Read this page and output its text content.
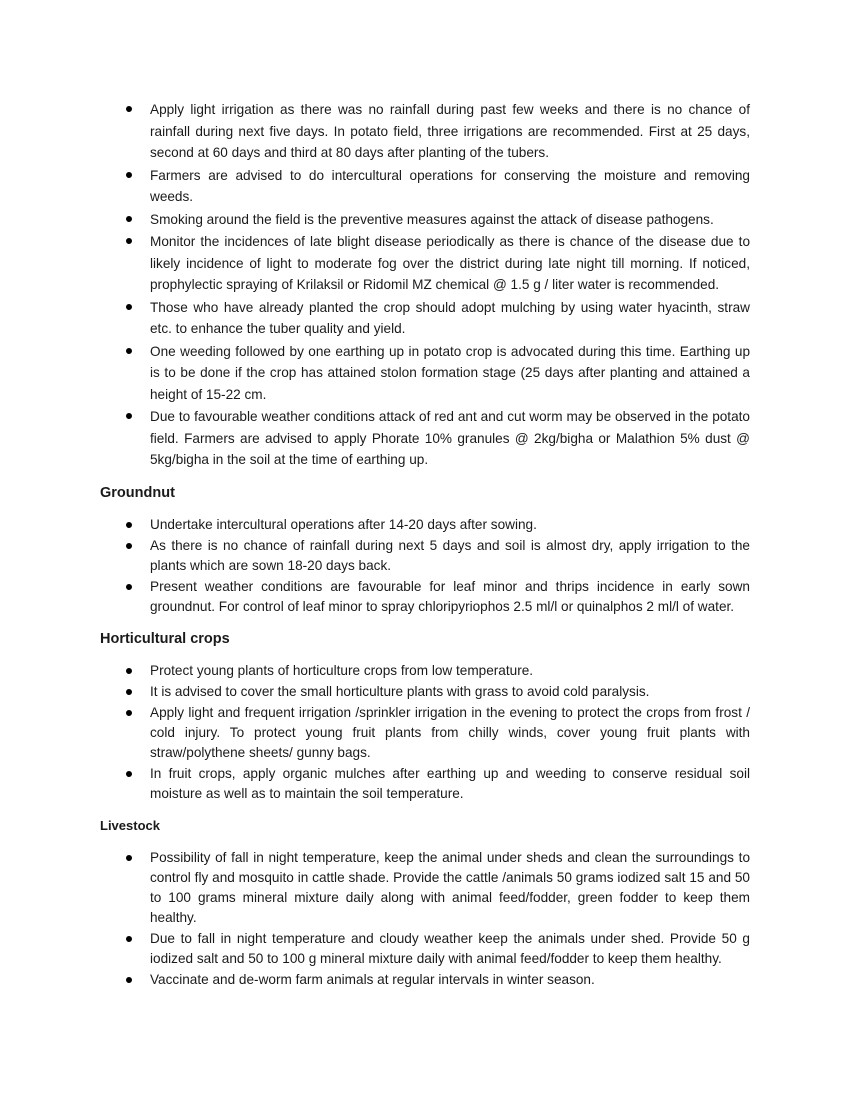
Apply light irrigation as there was no rainfall during past few weeks and there is no chance of rainfall during next five days. In potato field, three irrigations are recommended. First at 25 days, second at 60 days and third at 80 days after planting of the tubers.
Farmers are advised to do intercultural operations for conserving the moisture and removing weeds.
Smoking around the field is the preventive measures against the attack of disease pathogens.
Monitor the incidences of late blight disease periodically as there is chance of the disease due to likely incidence of light to moderate fog over the district during late night till morning. If noticed, prophylectic spraying of Krilaksil or Ridomil MZ chemical @ 1.5 g / liter water is recommended.
Those who have already planted the crop should adopt mulching by using water hyacinth, straw etc. to enhance the tuber quality and yield.
One weeding followed by one earthing up in potato crop is advocated during this time. Earthing up is to be done if the crop has attained stolon formation stage (25 days after planting and attained a height of 15-22 cm.
Due to favourable weather conditions attack of red ant and cut worm may be observed in the potato field. Farmers are advised to apply Phorate 10% granules @ 2kg/bigha or Malathion 5% dust @ 5kg/bigha in the soil at the time of earthing up.
Groundnut
Undertake intercultural operations after 14-20 days after sowing.
As there is no chance of rainfall during next 5 days and soil is almost dry, apply irrigation to the plants which are sown 18-20 days back.
Present weather conditions are favourable for leaf minor and thrips incidence in early sown groundnut. For control of leaf minor to spray chloripyriophos 2.5 ml/l or quinalphos 2 ml/l of water.
Horticultural crops
Protect young plants of horticulture crops from low temperature.
It is advised to cover the small horticulture plants with grass to avoid cold paralysis.
Apply light and frequent irrigation /sprinkler irrigation in the evening to protect the crops from frost / cold injury. To protect young fruit plants from chilly winds, cover young fruit plants with straw/polythene sheets/ gunny bags.
In fruit crops, apply organic mulches after earthing up and weeding to conserve residual soil moisture as well as to maintain the soil temperature.
Livestock
Possibility of fall in night temperature, keep the animal under sheds and clean the surroundings to control fly and mosquito in cattle shade. Provide the cattle /animals 50 grams iodized salt 15 and 50 to 100 grams mineral mixture daily along with animal feed/fodder, green fodder to keep them healthy.
Due to fall in night temperature and cloudy weather keep the animals under shed. Provide 50 g iodized salt and 50 to 100 g mineral mixture daily with animal feed/fodder to keep them healthy.
Vaccinate and de-worm farm animals at regular intervals in winter season.
